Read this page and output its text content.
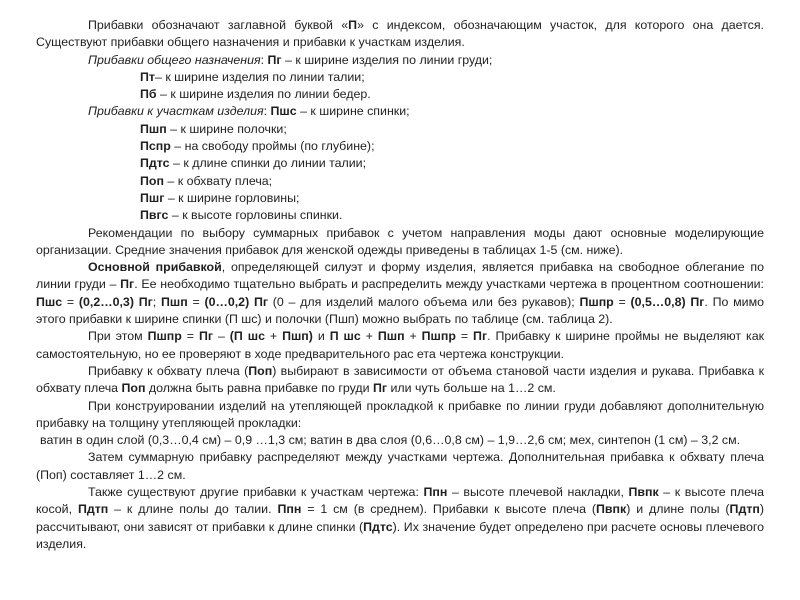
Прибавки обозначают заглавной буквой «П» с индексом, обозначающим участок, для которого она дается. Существуют прибавки общего назначения и прибавки к участкам изделия.

Прибавки общего назначения: Пг – к ширине изделия по линии груди;

Пт– к ширине изделия по линии талии;

Пб – к ширине изделия по линии бедер.

Прибавки к участкам изделия: Пшс – к ширине спинки;

Пшп – к ширине полочки;

Пспр – на свободу проймы (по глубине);

Пдтс – к длине спинки до линии талии;

Поп – к обхвату плеча;

Пшг – к ширине горловины;

Пвгс – к высоте горловины спинки.

Рекомендации по выбору суммарных прибавок с учетом направления моды дают основные моделирующие организации. Средние значения прибавок для женской одежды приведены в таблицах 1-5 (см. ниже).

Основной прибавкой, определяющей силуэт и форму изделия, является прибавка на свободное облегание по линии груди – Пг. Ее необходимо тщательно выбрать и распределить между участками чертежа в процентном соотношении: Пшс = (0,2…0,3) Пг; Пшп = (0…0,2) Пг (0 – для изделий малого объема или без рукавов); Пшпр = (0,5…0,8) Пг. По мимо этого прибавки к ширине спинки (П шс) и полочки (Пшп) можно выбрать по таблице (см. таблица 2).

При этом Пшпр = Пг – (П шс + Пшп) и П шс + Пшп + Пшпр = Пг. Прибавку к ширине проймы не выделяют как самостоятельную, но ее проверяют в ходе предварительного рас ета чертежа конструкции.

Прибавку к обхвату плеча (Поп) выбирают в зависимости от объема становой части изделия и рукава. Прибавка к обхвату плеча Поп должна быть равна прибавке по груди Пг или чуть больше на 1…2 см.

При конструировании изделий на утепляющей прокладкой к прибавке по линии груди добавляют дополнительную прибавку на толщину утепляющей прокладки:

ватин в один слой (0,3…0,4 см) – 0,9 …1,3 см; ватин в два слоя (0,6…0,8 см) – 1,9…2,6 см; мех, синтепон (1 см) – 3,2 см.

Затем суммарную прибавку распределяют между участками чертежа. Дополнительная прибавка к обхвату плеча (Поп) составляет 1…2 см.

Также существуют другие прибавки к участкам чертежа: Ппн – высоте плечевой накладки, Пвпк – к высоте плеча косой, Пдтп – к длине полы до талии. Ппн = 1 см (в среднем). Прибавки к высоте плеча (Пвпк) и длине полы (Пдтп) рассчитывают, они зависят от прибавки к длине спинки (Пдтс). Их значение будет определено при расчете основы плечевого изделия.
